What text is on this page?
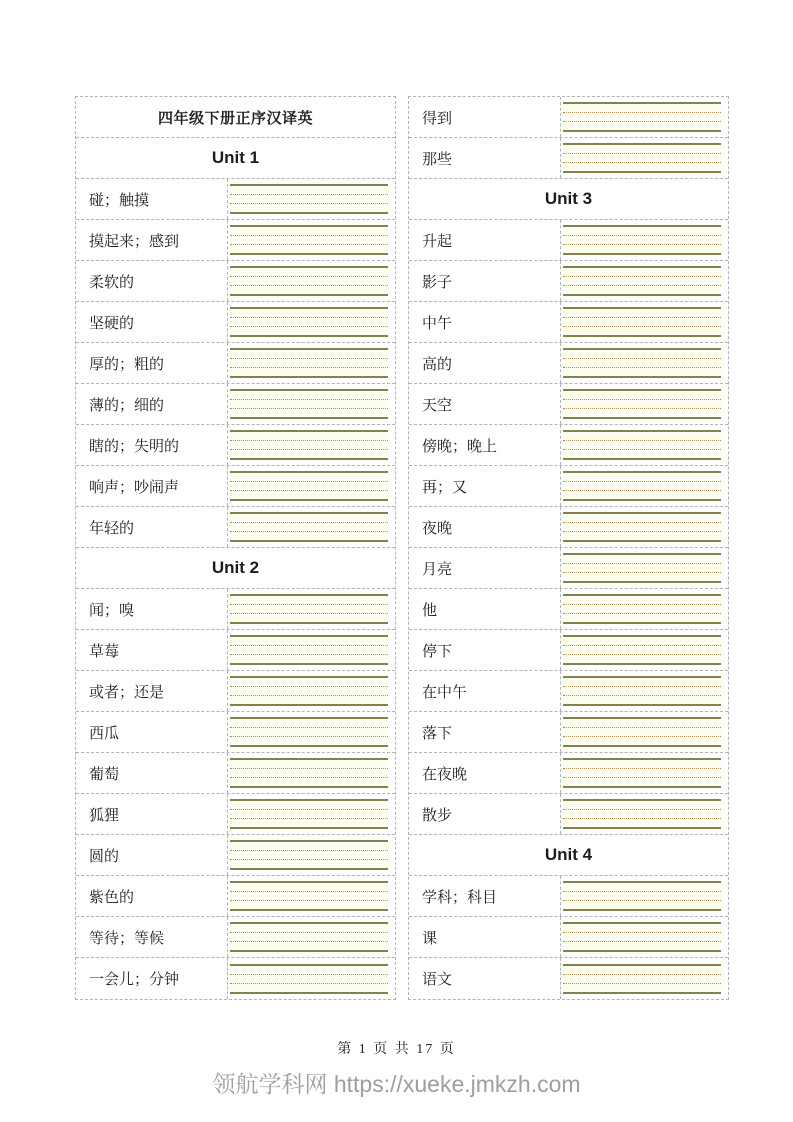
四年级下册正序汉译英
Unit 1
碰；触摸
摸起来；感到
柔软的
坚硬的
厚的；粗的
薄的；细的
瞎的；失明的
响声；吵闹声
年轻的
Unit 2
闻；嗅
草莓
或者；还是
西瓜
葡萄
狐狸
圆的
紫色的
等待；等候
一会儿；分钟
得到
那些
Unit 3
升起
影子
中午
高的
天空
傍晚；晚上
再；又
夜晚
月亮
他
停下
在中午
落下
在夜晚
散步
Unit 4
学科；科目
课
语文
第 1 页 共 17 页
领航学科网 https://xueke.jmkzh.com
